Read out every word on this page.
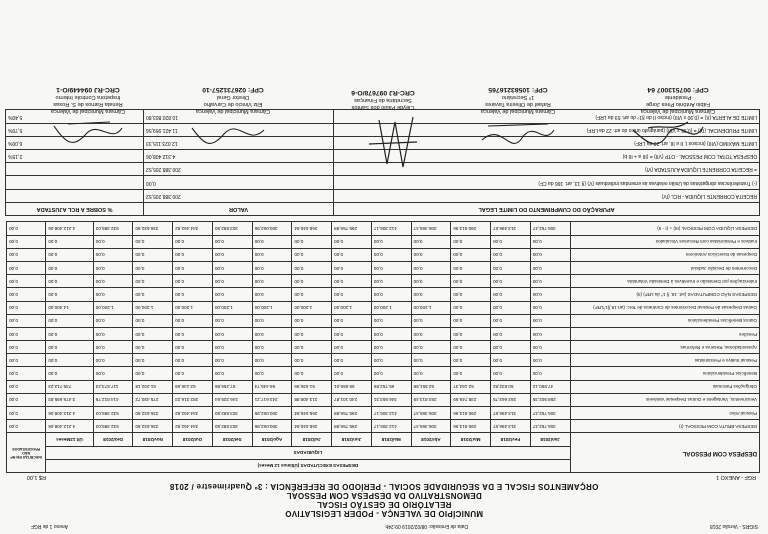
SIGRS - Versão 2018
Data de Emissão: 08/02/2019 09:24h
Anexo 1 de RGF
MUNICÍPIO DE VALENÇA - PODER LEGISLATIVO
RELATÓRIO DE GESTÃO FISCAL
DEMONSTRATIVO DA DESPESA COM PESSOAL
ORÇAMENTOS FISCAL E DA SEGURIDADE SOCIAL - PERÍODO DE REFERÊNCIA : 3º Quadrimestre / 2018
RGF - ANEXO 1
R$ 1,00
DESPESA COM PESSOAL	DESPESAS EXECUTADAS (Últimos 12 Meses)													INSCRITAS EM RP NÃO PROCESSADOS
	LIQUIDADAS													
	Jan/2018	Fev/2018	Mar/2018	Abr/2018	Mai/2018	Jun/2018	Jul/2018	Ago/2018	Set/2018	Out/2018	Nov/2018	Dez/2018	Últ 12Meses	
DESPESA BRUTA COM PESSOAL (I)	306.752,47	313.496,57	290.913,96	306.365,47	412.306,17	295.756,88	265.045,84	300.062,95	303.582,50	344.462,92	336.632,90	532.386,02	4.212.408,06	0,00
Pessoal Ativo	306.752,47	313.496,57	290.913,96	306.365,47	412.306,17	295.756,88	265.045,84	300.062,95	303.582,50	344.462,92	336.632,90	532.386,02	4.212.408,06	0,00
Vencimentos, Vantagens e Outras Despesas Variáveis	258.902,35	262.663,75	238.749,59	253.813,49	346.553,31	240.101,87	213.408,88	243.617,21	246.325,64	282.316,23	275.430,72	414.812,79	3.476.695,83	0,00
Obrigações Patronais	47.850,12	50.832,82	52.164,37	52.551,98	65.752,86	55.655,01	51.636,96	56.445,74	57.256,86	62.146,69	61.202,18	117.573,23	735.712,23	0,00
Benefícios Previdenciários	0,00	0,00	0,00	0,00	0,00	0,00	0,00	0,00	0,00	0,00	0,00	0,00	0,00	0,00
Pessoal Inativo e Pensionistas	0,00	0,00	0,00	0,00	0,00	0,00	0,00	0,00	0,00	0,00	0,00	0,00	0,00	0,00
Aposentadorias, Reserva e Reformas	0,00	0,00	0,00	0,00	0,00	0,00	0,00	0,00	0,00	0,00	0,00	0,00	0,00	0,00
Pensões	0,00	0,00	0,00	0,00	0,00	0,00	0,00	0,00	0,00	0,00	0,00	0,00	0,00	0,00
Outros Benefícios Previdenciários	0,00	0,00	0,00	0,00	0,00	0,00	0,00	0,00	0,00	0,00	0,00	0,00	0,00	0,00
Outras Despesas de Pessoal Decorrentes de Contratos de Terc. (art.18,§1ºLRF)	0,00	0,00	0,00	1.200,00	1.200,00	1.200,00	1.200,00	1.200,00	1.200,00	1.200,00	1.200,00	1.200,00	14.400,00	0,00
DESPESAS NÃO COMPUTADAS (art. 19, § 1º da LRF) (II)	0,00	0,00	0,00	0,00	0,00	0,00	0,00	0,00	0,00	0,00	0,00	0,00	0,00	0,00
Indenizações por Demissão e Incentivos à Demissão Voluntária	0,00	0,00	0,00	0,00	0,00	0,00	0,00	0,00	0,00	0,00	0,00	0,00	0,00	0,00
Decorrentes de Decisão Judicial	0,00	0,00	0,00	0,00	0,00	0,00	0,00	0,00	0,00	0,00	0,00	0,00	0,00	0,00
Despesas de Exercícios Anteriores	0,00	0,00	0,00	0,00	0,00	0,00	0,00	0,00	0,00	0,00	0,00	0,00	0,00	0,00
Inativos e Pensionistas com Recursos Vinculados	0,00	0,00	0,00	0,00	0,00	0,00	0,00	0,00	0,00	0,00	0,00	0,00	0,00	0,00
DESPESA LÍQUIDA COM PESSOAL (III) = (I - II)	306.752,47	313.496,57	290.913,96	306.365,47	412.306,17	295.756,88	265.045,84	300.062,95	303.582,50	344.462,92	336.632,90	532.386,02	4.212.408,06	0,00
APURAÇÃO DO CUMPRIMENTO DO LIMITE LEGAL	VALOR	% SOBRE A RCL AJUSTADA
RECEITA CORRENTE LÍQUIDA - RCL (IV)	200.388.205,52	
(-) Transferências obrigatórias da União relativas às emendas individuais (V) (§ 13, art. 166 da CF)	0,00	
= RECEITA CORRENTE LÍQUIDA AJUSTADA (VI)	200.388.205,52	
DESPESA TOTAL COM PESSOAL - DTP (VII) = (III a + III b)	4.312.408,06	2,15%
LIMITE MÁXIMO (VIII) (incisos I, II e III, art. 20 da LRF)	12.023.115,33	6,00%
LIMITE PRUDENCIAL (IX) = (0,95 x VIII) (parágrafo único do art. 22 da LRF)	11.421.959,56	5,70%
LIMITE DE ALERTA (X) = (0,90 x VIII) (inciso II do §1º do art. 59 da LRF)	10.820.803,80	5,40%
Câmara Municipal de Valença
Fábio Antônio Pires Jorge
Presidente
CPF: 007513007 64
Câmara Municipal de Valença
Rafael de Oliveira Tavares
1º Secretário
CPF: 10583216765
Cleyde Paulo dos Santos
Secretária de Finanças
CRC-RJ 097678/O-6
Câmara Municipal de Valença
Eliz Vinicio de Carvalho
Diretor Geral
CPF: 026731257-10
Câmara Municipal de Valença
Renata Ramos de S. Rosas
Inspetora Controle Interno
CRC-RJ 094449/O-1
